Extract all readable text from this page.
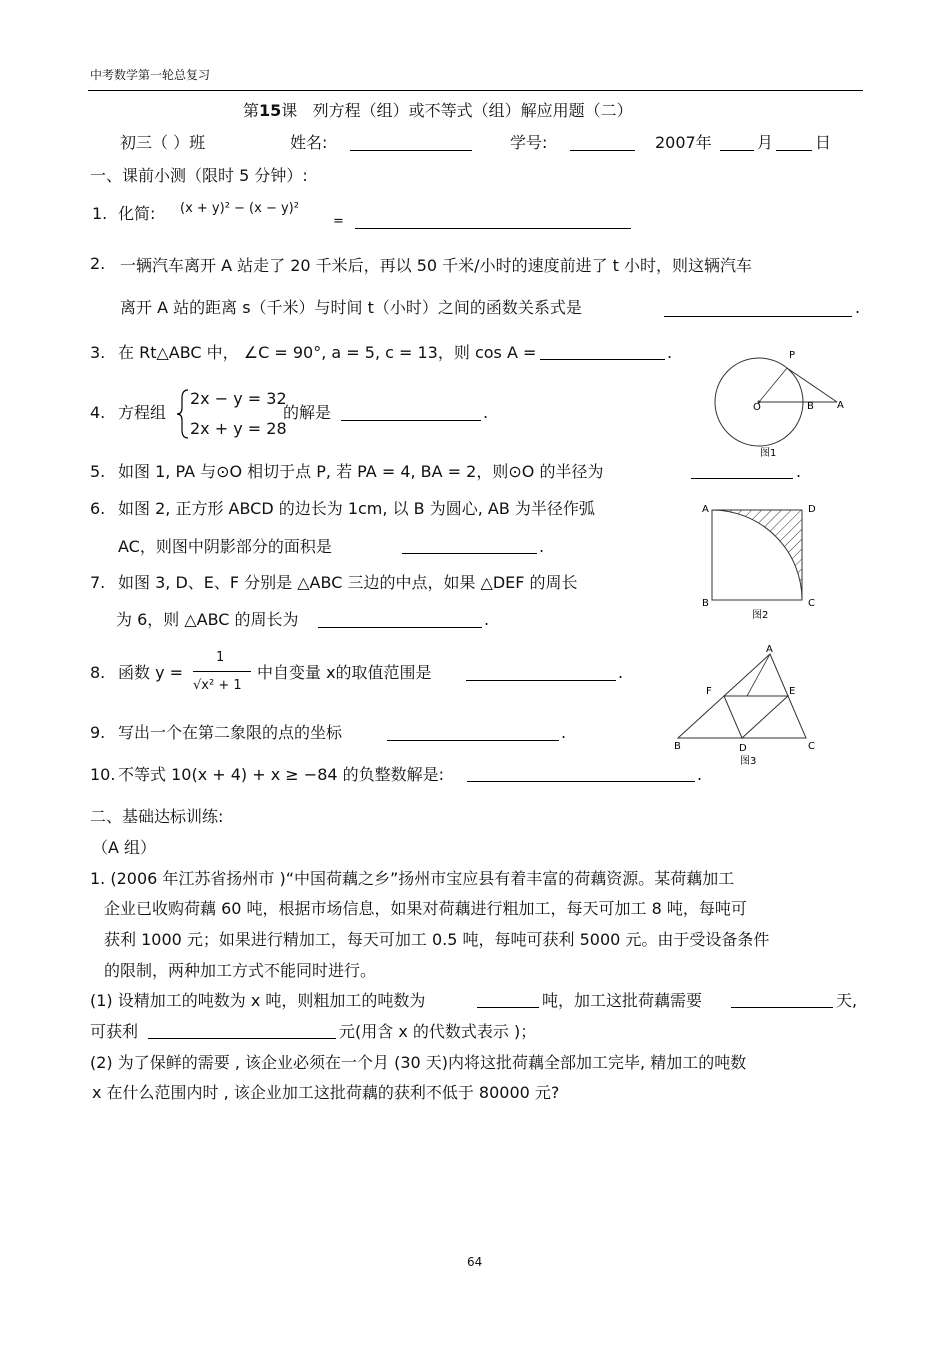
中考数学第一轮总复习
第15课 列方程（组）或不等式（组）解应用题（二）
初三（ ）班	姓名:	学号:	2007年	月	日
一、课前小测（限时 5 分钟）:
1. 化简: (x + y)² − (x − y)²
=
2. 一辆汽车离开 A 站走了 20 千米后，再以 50 千米/小时的速度前进了 t 小时，则这辆汽车
离开 A 站的距离 s（千米）与时间 t（小时）之间的函数关系式是	.
3. 在 Rt△ABC 中， ∠C = 90°, a = 5, c = 13，则 cos A =	.
4. 方程组
2x − y = 32
2x + y = 28
的解是	.
P
O	B A
图1
5. 如图 1, PA 与⊙O 相切于点 P, 若 PA = 4, BA = 2，则⊙O 的半径为	.
6. 如图 2, 正方形 ABCD 的边长为 1cm, 以 B 为圆心, AB 为半径作弧
AC，则图中阴影部分的面积是	.
A	D
B	C
图2
7. 如图 3, D、E、F 分别是 △ABC 三边的中点，如果 △DEF 的周长
为 6，则 △ABC 的周长为	.
8. 函数 y =
1
√x² + 1
中自变量 x的取值范围是	.
A
F	E
B	D	C
图3
9. 写出一个在第二象限的点的坐标	.
10. 不等式 10(x + 4) + x ≥ −84 的负整数解是:	.
二、基础达标训练:
（A 组）
1. (2006 年江苏省扬州市 )“中国荷藕之乡”扬州市宝应县有着丰富的荷藕资源。某荷藕加工
企业已收购荷藕 60 吨，根据市场信息，如果对荷藕进行粗加工，每天可加工 8 吨，每吨可
获利 1000 元；如果进行精加工，每天可加工 0.5 吨，每吨可获利 5000 元。由于受设备条件
的限制，两种加工方式不能同时进行。
(1) 设精加工的吨数为 x 吨，则粗加工的吨数为	吨，加工这批荷藕需要	天,
可获利	元(用含 x 的代数式表示 )；
(2) 为了保鲜的需要 , 该企业必须在一个月 (30 天)内将这批荷藕全部加工完毕, 精加工的吨数
x 在什么范围内时 , 该企业加工这批荷藕的获利不低于 80000 元?
64
